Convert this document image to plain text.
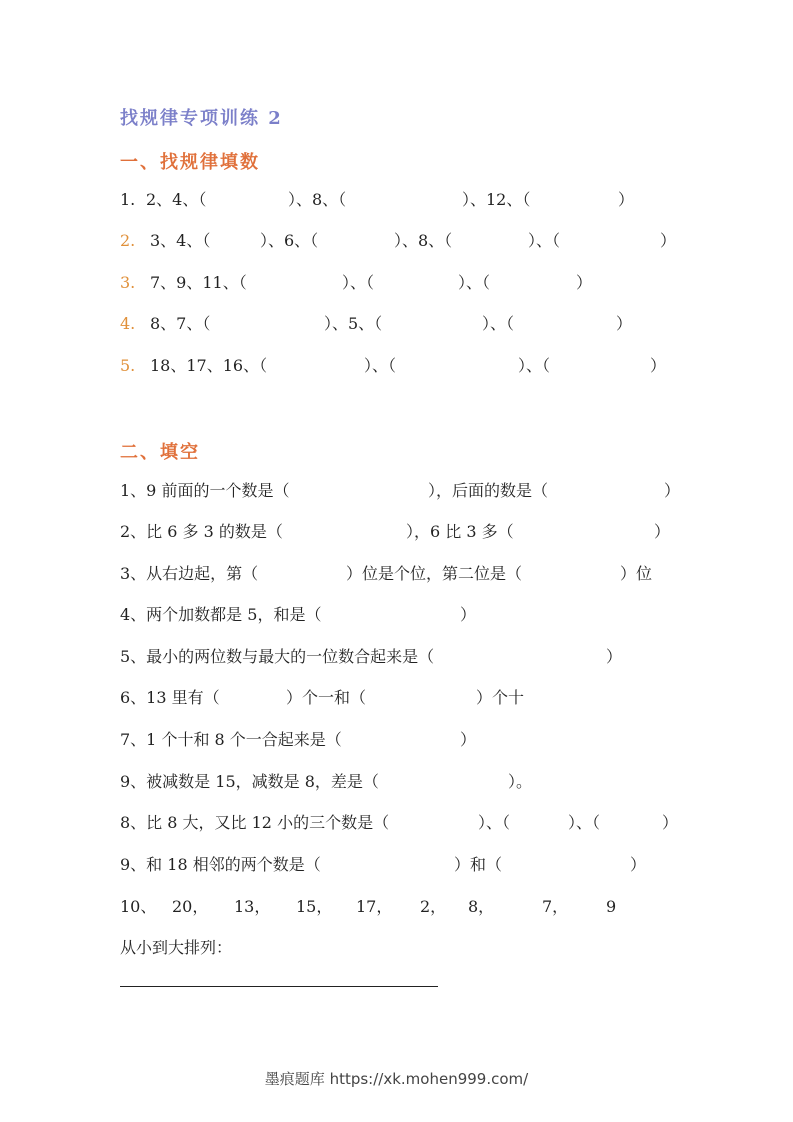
找规律专项训练 2
一、找规律填数
1. 2、4、（	）、8、（	）、12、（	）
2. 3、4、（	）、6、（	）、8、（	）、（	）
3. 7、9、11、（	）、（	）、（	）
4. 8、7、（	）、5、（	）、（	）
5. 18、17、16、（	）、（	）、（	）
二、填空
1、9 前面的一个数是（	），后面的数是（	）
2、比 6 多 3 的数是（	），6 比 3 多（	）
3、从右边起，第（	）位是个位，第二位是（	）位
4、两个加数都是 5，和是（	）
5、最小的两位数与最大的一位数合起来是（	）
6、13 里有（	）个一和（	）个十
7、1 个十和 8 个一合起来是（	）
9、被减数是 15，减数是 8，差是（	）。
8、比 8 大，又比 12 小的三个数是（	）、（	）、（	）
9、和 18 相邻的两个数是（	）和（	）
10、 20， 13， 15， 17， 2， 8，	7， 9
从小到大排列：
墨痕题库 https://xk.mohen999.com/
